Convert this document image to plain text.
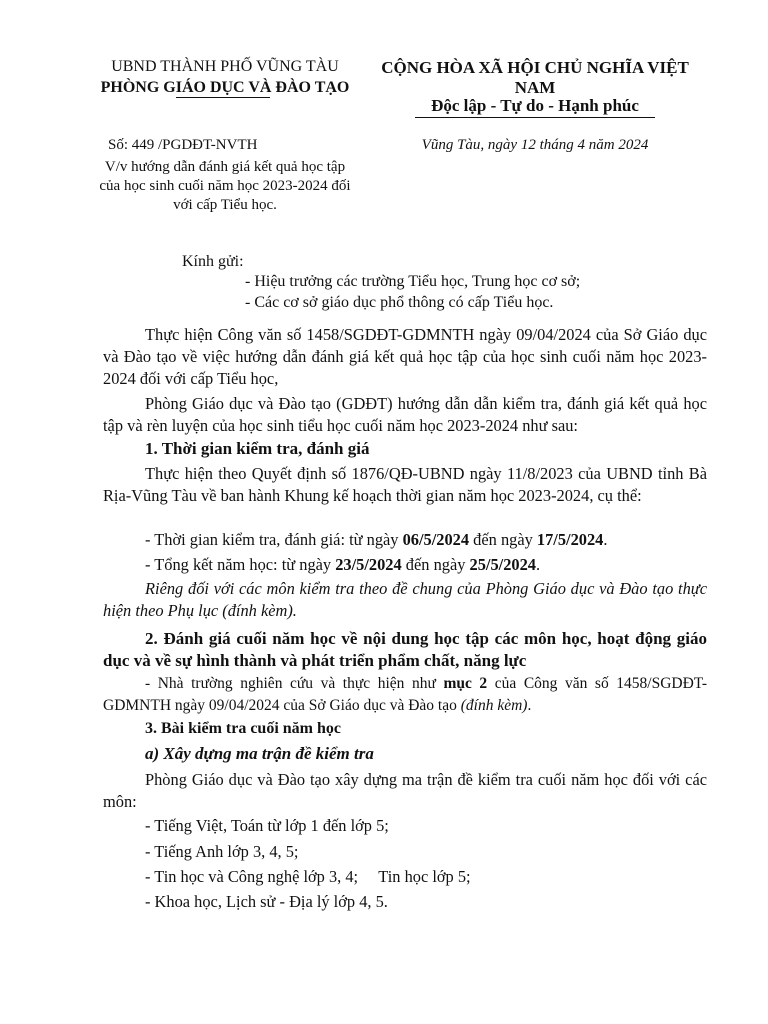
UBND THÀNH PHỐ VŨNG TÀU
PHÒNG GIÁO DỤC VÀ ĐÀO TẠO
CỘNG HÒA XÃ HỘI CHỦ NGHĨA VIỆT NAM
Độc lập - Tự do - Hạnh phúc
Số: 449 /PGDĐT-NVTH
V/v hướng dẫn đánh giá kết quả học tập của học sinh cuối năm học 2023-2024 đối với cấp Tiểu học.
Vũng Tàu, ngày 12 tháng 4 năm 2024
Kính gửi:
- Hiệu trưởng các trường Tiểu học, Trung học cơ sở;
- Các cơ sở giáo dục phổ thông có cấp Tiểu học.
Thực hiện Công văn số 1458/SGDĐT-GDMNTH ngày 09/04/2024 của Sở Giáo dục và Đào tạo về việc hướng dẫn đánh giá kết quả học tập của học sinh cuối năm học 2023-2024 đối với cấp Tiểu học,
Phòng Giáo dục và Đào tạo (GDĐT) hướng dẫn dẫn kiểm tra, đánh giá kết quả học tập và rèn luyện của học sinh tiểu học cuối năm học 2023-2024 như sau:
1. Thời gian kiểm tra, đánh giá
Thực hiện theo Quyết định số 1876/QĐ-UBND ngày 11/8/2023 của UBND tỉnh Bà Rịa-Vũng Tàu về ban hành Khung kế hoạch thời gian năm học 2023-2024, cụ thể:
- Thời gian kiểm tra, đánh giá: từ ngày 06/5/2024 đến ngày 17/5/2024.
- Tổng kết năm học: từ ngày 23/5/2024 đến ngày 25/5/2024.
Riêng đối với các môn kiểm tra theo đề chung của Phòng Giáo dục và Đào tạo thực hiện theo Phụ lục (đính kèm).
2. Đánh giá cuối năm học về nội dung học tập các môn học, hoạt động giáo dục và về sự hình thành và phát triển phẩm chất, năng lực
- Nhà trường nghiên cứu và thực hiện như mục 2 của Công văn số 1458/SGDĐT-GDMNTH ngày 09/04/2024 của Sở Giáo dục và Đào tạo (đính kèm).
3. Bài kiểm tra cuối năm học
a) Xây dựng ma trận đề kiểm tra
Phòng Giáo dục và Đào tạo xây dựng ma trận đề kiểm tra cuối năm học đối với các môn:
- Tiếng Việt, Toán từ lớp 1 đến lớp 5;
- Tiếng Anh lớp 3, 4, 5;
- Tin học và Công nghệ lớp 3, 4;     Tin học lớp 5;
- Khoa học, Lịch sử - Địa lý lớp 4, 5.
